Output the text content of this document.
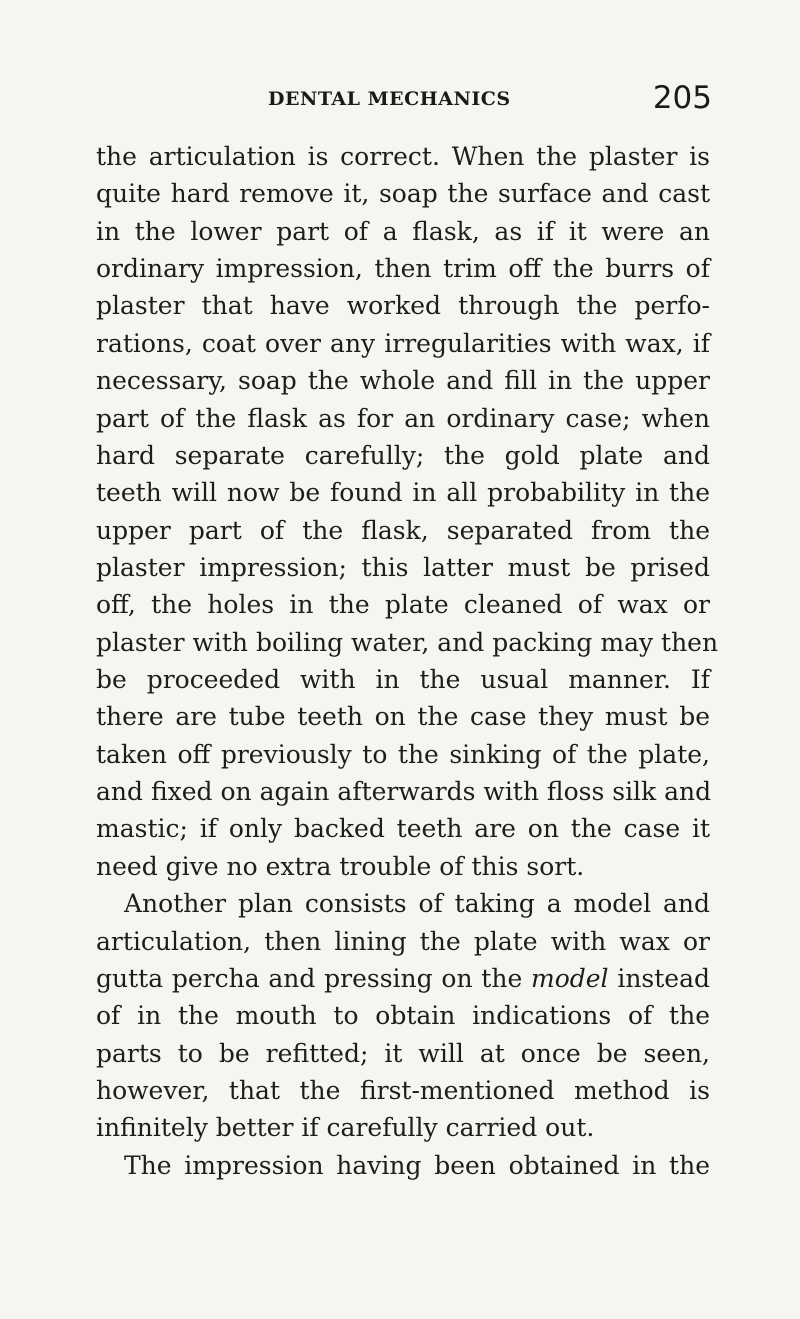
DENTAL MECHANICS	205
the articulation is correct. When the plaster is
quite hard remove it, soap the surface and cast
in the lower part of a flask, as if it were an
ordinary impression, then trim off the burrs of
plaster that have worked through the perfo-
rations, coat over any irregularities with wax, if
necessary, soap the whole and fill in the upper
part of the flask as for an ordinary case; when
hard separate carefully; the gold plate and
teeth will now be found in all probability in the
upper part of the flask, separated from the
plaster impression; this latter must be prised
off, the holes in the plate cleaned of wax or
plaster with boiling water, and packing may then
be proceeded with in the usual manner. If
there are tube teeth on the case they must be
taken off previously to the sinking of the plate,
and fixed on again afterwards with floss silk and
mastic; if only backed teeth are on the case it
need give no extra trouble of this sort.
Another plan consists of taking a model and
articulation, then lining the plate with wax or
gutta percha and pressing on the model instead
of in the mouth to obtain indications of the
parts to be refitted; it will at once be seen,
however, that the first-mentioned method is
infinitely better if carefully carried out.
The impression having been obtained in the
